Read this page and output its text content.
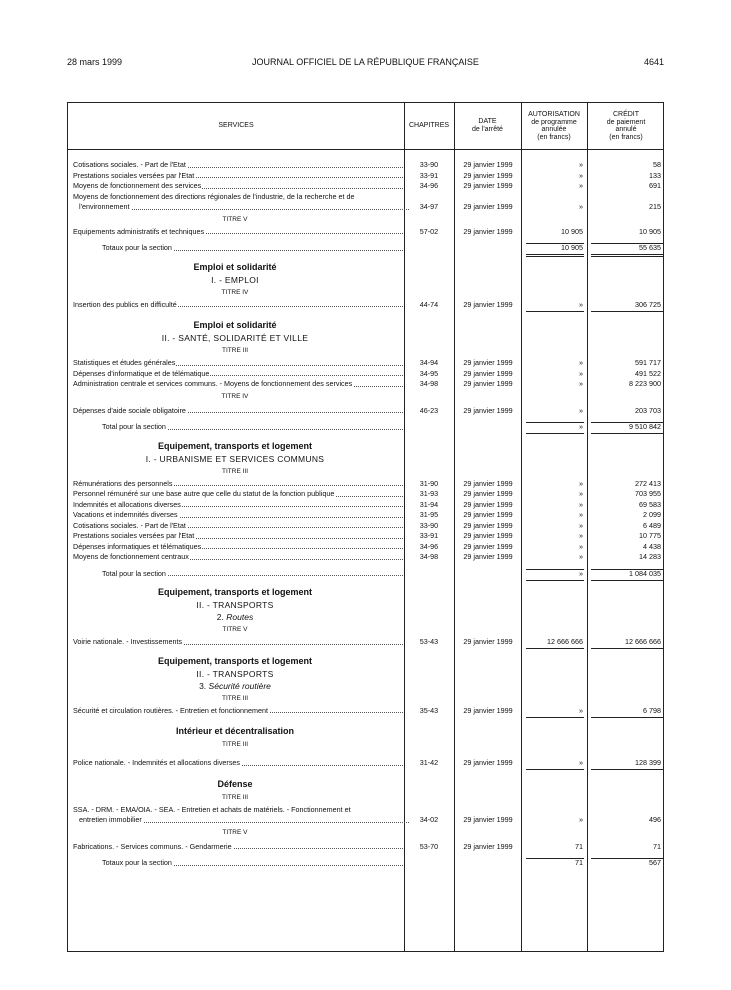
28 mars 1999	JOURNAL OFFICIEL DE LA RÉPUBLIQUE FRANÇAISE	4641
SERVICES	CHAPITRES
DATE
de l'arrêté
AUTORISATION
de programme
annulée
(en francs)
CRÉDIT
de paiement
annulé
(en francs)
Cotisations sociales. - Part de l'Etat	33-90	29 janvier 1999	»	58
Prestations sociales versées par l'Etat	33-91	29 janvier 1999	»	133
Moyens de fonctionnement des services	34-96	29 janvier 1999	»	691
Moyens de fonctionnement des directions régionales de l'industrie, de la recherche et de
l'environnement	34-97	29 janvier 1999	»	215
TITRE V
Equipements administratifs et techniques	57-02	29 janvier 1999	10 905	10 905
Totaux pour la section	10 905	55 635
Emploi et solidarité
I. - EMPLOI
TITRE IV
Insertion des publics en difficulté	44-74	29 janvier 1999	»	306 725
Emploi et solidarité
II. - SANTÉ, SOLIDARITÉ ET VILLE
TITRE III
Statistiques et études générales	34-94	29 janvier 1999	»	591 717
Dépenses d'informatique et de télématique	34-95	29 janvier 1999	»	491 522
Administration centrale et services communs. - Moyens de fonctionnement des services	34-98	29 janvier 1999	»	8 223 900
TITRE IV
Dépenses d'aide sociale obligatoire	46-23	29 janvier 1999	»	203 703
Total pour la section	»	9 510 842
Equipement, transports et logement
I. - URBANISME ET SERVICES COMMUNS
TITRE III
Rémunérations des personnels	31-90	29 janvier 1999	»	272 413
Personnel rémunéré sur une base autre que celle du statut de la fonction publique	31-93	29 janvier 1999	»	703 955
Indemnités et allocations diverses	31-94	29 janvier 1999	»	69 583
Vacations et indemnités diverses	31-95	29 janvier 1999	»	2 099
Cotisations sociales. - Part de l'Etat	33-90	29 janvier 1999	»	6 489
Prestations sociales versées par l'Etat	33-91	29 janvier 1999	»	10 775
Dépenses informatiques et télématiques	34-96	29 janvier 1999	»	4 438
Moyens de fonctionnement centraux	34-98	29 janvier 1999	»	14 283
Total pour la section	»	1 084 035
Equipement, transports et logement
II. - TRANSPORTS
2. Routes
TITRE V
Voirie nationale. - Investissements	53-43	29 janvier 1999	12 666 666	12 666 666
Equipement, transports et logement
II. - TRANSPORTS
3. Sécurité routière
TITRE III
Sécurité et circulation routières. - Entretien et fonctionnement	35-43	29 janvier 1999	»	6 798
Intérieur et décentralisation
TITRE III
Police nationale. - Indemnités et allocations diverses	31-42	29 janvier 1999	»	128 399
Défense
TITRE III
SSA. - DRM. - EMA/OIA. - SEA. - Entretien et achats de matériels. - Fonctionnement et
entretien immobilier	34-02	29 janvier 1999	»	496
TITRE V
Fabrications. - Services communs. - Gendarmerie	53-70	29 janvier 1999	71	71
Totaux pour la section	71	567
